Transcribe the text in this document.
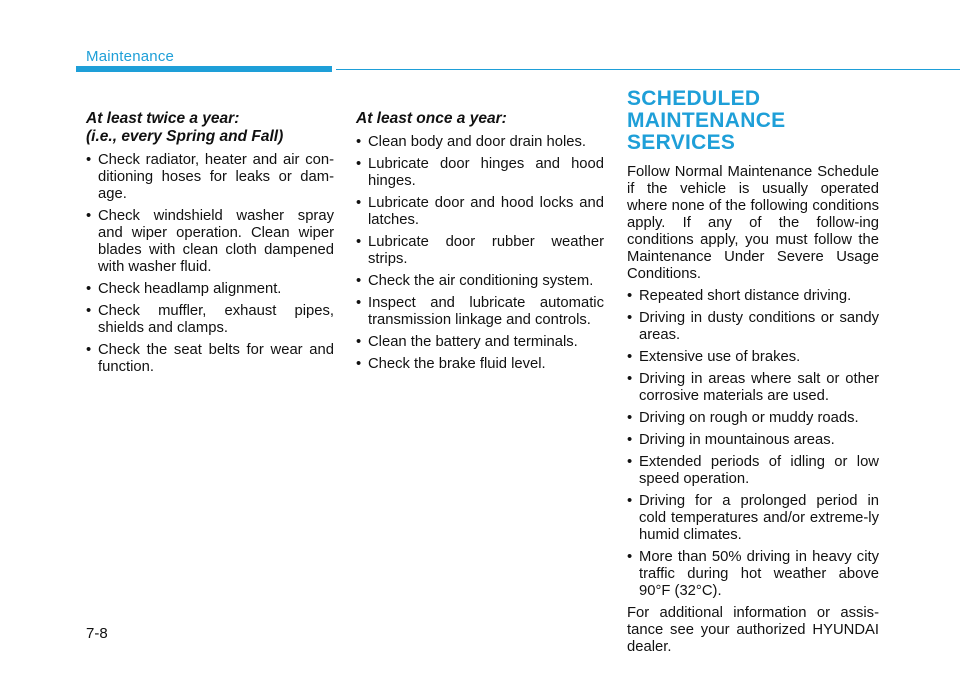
Maintenance
At least twice a year:
(i.e., every Spring and Fall)
• Check radiator, heater and air con-ditioning hoses for leaks or dam-age.
• Check windshield washer spray and wiper operation. Clean wiper blades with clean cloth dampened with washer fluid.
• Check headlamp alignment.
• Check muffler, exhaust pipes, shields and clamps.
• Check the seat belts for wear and function.
At least once a year:
• Clean body and door drain holes.
• Lubricate door hinges and hood hinges.
• Lubricate door and hood locks and latches.
• Lubricate door rubber weather strips.
• Check the air conditioning system.
• Inspect and lubricate automatic transmission linkage and controls.
• Clean the battery and terminals.
• Check the brake fluid level.
SCHEDULED MAINTENANCE
SERVICES

Follow Normal Maintenance Schedule if the vehicle is usually operated where none of the following conditions apply. If any of the follow-ing conditions apply, you must follow the Maintenance Under Severe Usage Conditions.

• Repeated short distance driving.
• Driving in dusty conditions or sandy areas.
• Extensive use of brakes.
• Driving in areas where salt or other corrosive materials are used.
• Driving on rough or muddy roads.
• Driving in mountainous areas.
• Extended periods of idling or low speed operation.
• Driving for a prolonged period in cold temperatures and/or extreme-ly humid climates.
• More than 50% driving in heavy city traffic during hot weather above 90°F (32°C).

For additional information or assis-tance see your authorized HYUNDAI dealer.

7-8
